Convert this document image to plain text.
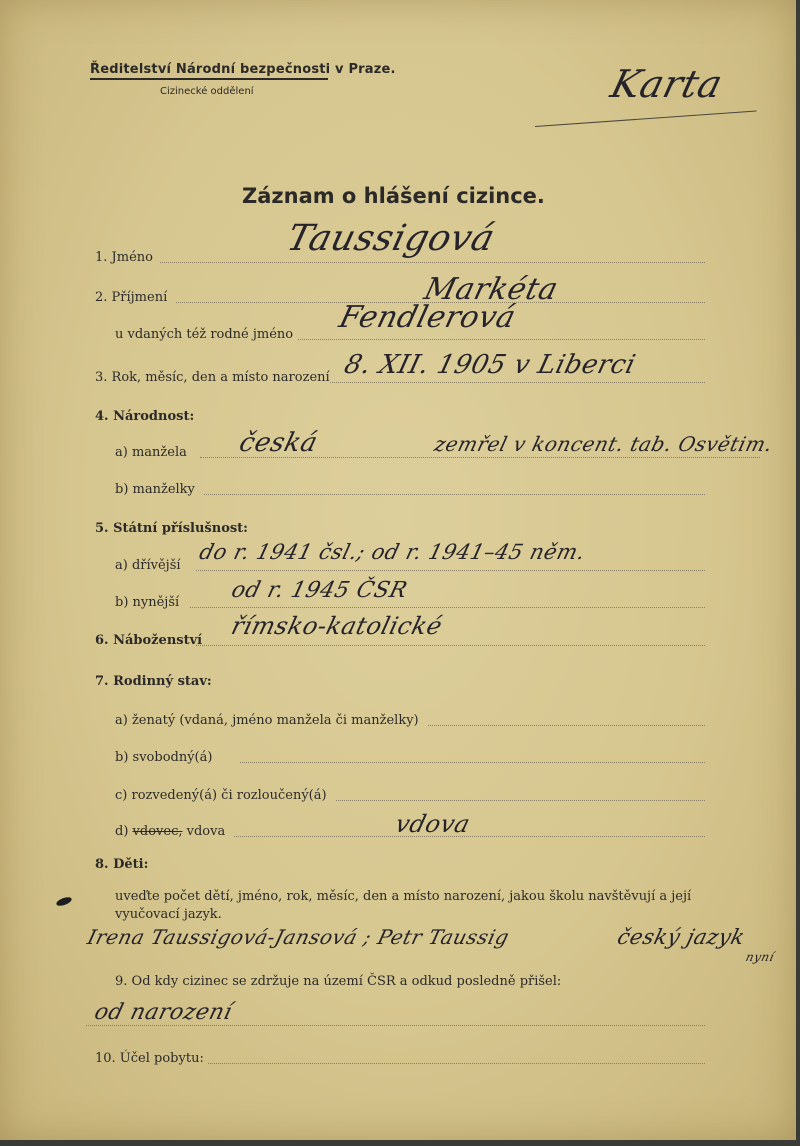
Ředitelství Národní bezpečnosti v Praze.
Cizinecké oddělení	Karta
Záznam o hlášení cizince.
1. Jméno	Taussigová
2. Příjmení	Markéta
u vdaných též rodné jméno Fendlerová
3. Rok, měsíc, den a místo narození 8. XII. 1905 v Liberci
4. Národnost:
a) manžela česká	zemřel v koncent. tab. Osvětim.
b) manželky
5. Státní příslušnost:
a) dřívější
do r. 1941 čsl.; od r. 1941–45 něm.
b) nynější od r. 1945 ČSR
6. Náboženství
římsko-katolické
7. Rodinný stav:
a) ženatý (vdaná, jméno manžela či manželky)
b) svobodný(á)
c) rozvedený(á) či rozloučený(á)
d) vdovec, vdova	vdova
8. Děti:
uveďte počet dětí, jméno, rok, měsíc, den a místo narození, jakou školu navštěvují a její
vyučovací jazyk.
Irena Taussigová-Jansová ; Petr Taussig	český jazyk
nyní
9. Od kdy cizinec se zdržuje na území ČSR a odkud posledně přišel:
od narození
10. Účel pobytu:
